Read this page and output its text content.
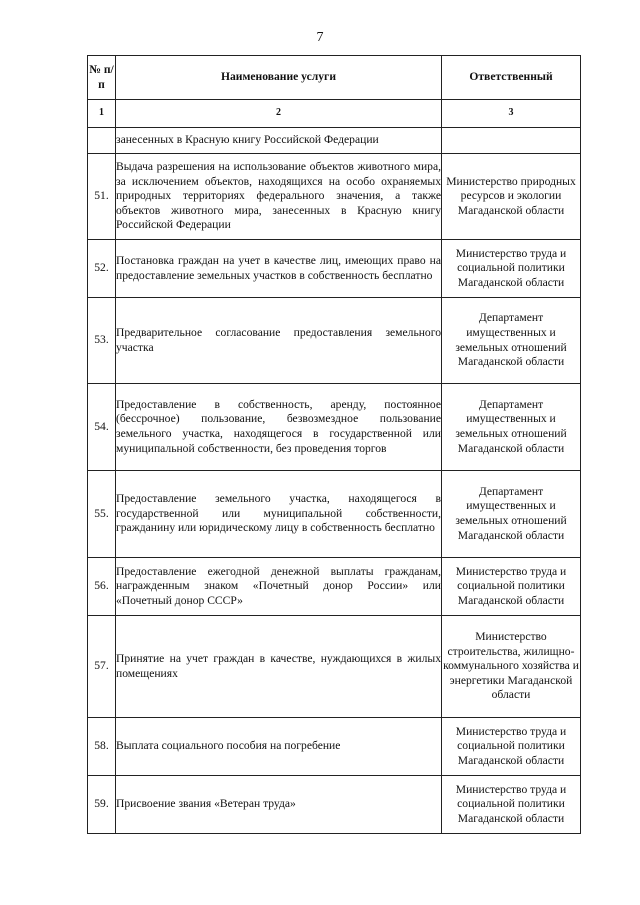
7
№ п/п	Наименование услуги	Ответственный
1	2	3
	занесенных в Красную книгу Российской Федерации	
51.	Выдача разрешения на использование объектов животного мира, за исключением объектов, находящихся на особо охраняемых природных территориях федерального значения, а также объектов животного мира, занесенных в Красную книгу Российской Федерации	Министерство природных ресурсов и экологии Магаданской области
52.	Постановка граждан на учет в качестве лиц, имеющих право на предоставление земельных участков в собственность бесплатно	Министерство труда и социальной политики Магаданской области
53.	Предварительное согласование предоставления земельного участка	Департамент имущественных и земельных отношений Магаданской области
54.	Предоставление в собственность, аренду, постоянное (бессрочное) пользование, безвозмездное пользование земельного участка, находящегося в государственной или муниципальной собственности, без проведения торгов	Департамент имущественных и земельных отношений Магаданской области
55.	Предоставление земельного участка, находящегося в государственной или муниципальной собственности, гражданину или юридическому лицу в собственность бесплатно	Департамент имущественных и земельных отношений Магаданской области
56.	Предоставление ежегодной денежной выплаты гражданам, награжденным знаком «Почетный донор России» или «Почетный донор СССР»	Министерство труда и социальной политики Магаданской области
57.	Принятие на учет граждан в качестве, нуждающихся в жилых помещениях	Министерство строительства, жилищно-коммунального хозяйства и энергетики Магаданской области
58.	Выплата социального пособия на погребение	Министерство труда и социальной политики Магаданской области
59.	Присвоение звания «Ветеран труда»	Министерство труда и социальной политики Магаданской области
